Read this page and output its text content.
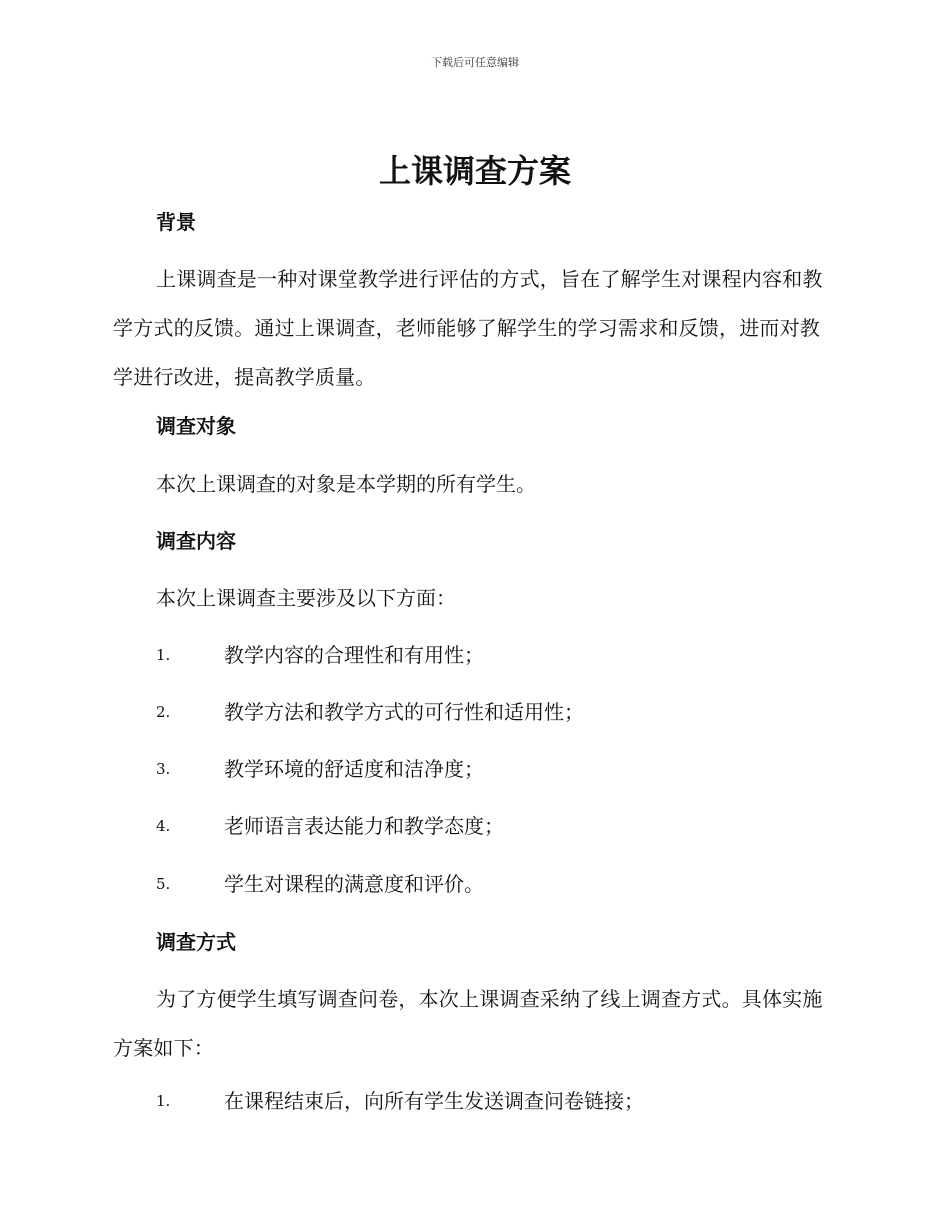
下载后可任意编辑
上课调查方案
背景

上课调查是一种对课堂教学进行评估的方式，旨在了解学生对课程内容和教学方式的反馈。通过上课调查，老师能够了解学生的学习需求和反馈，进而对教学进行改进，提高教学质量。

调查对象

本次上课调查的对象是本学期的所有学生。

调查内容

本次上课调查主要涉及以下方面：

1.	教学内容的合理性和有用性；
2.	教学方法和教学方式的可行性和适用性；
3.	教学环境的舒适度和洁净度；
4.	老师语言表达能力和教学态度；
5.	学生对课程的满意度和评价。
调查方式

为了方便学生填写调查问卷，本次上课调查采纳了线上调查方式。具体实施方案如下：

1.	在课程结束后，向所有学生发送调查问卷链接；
